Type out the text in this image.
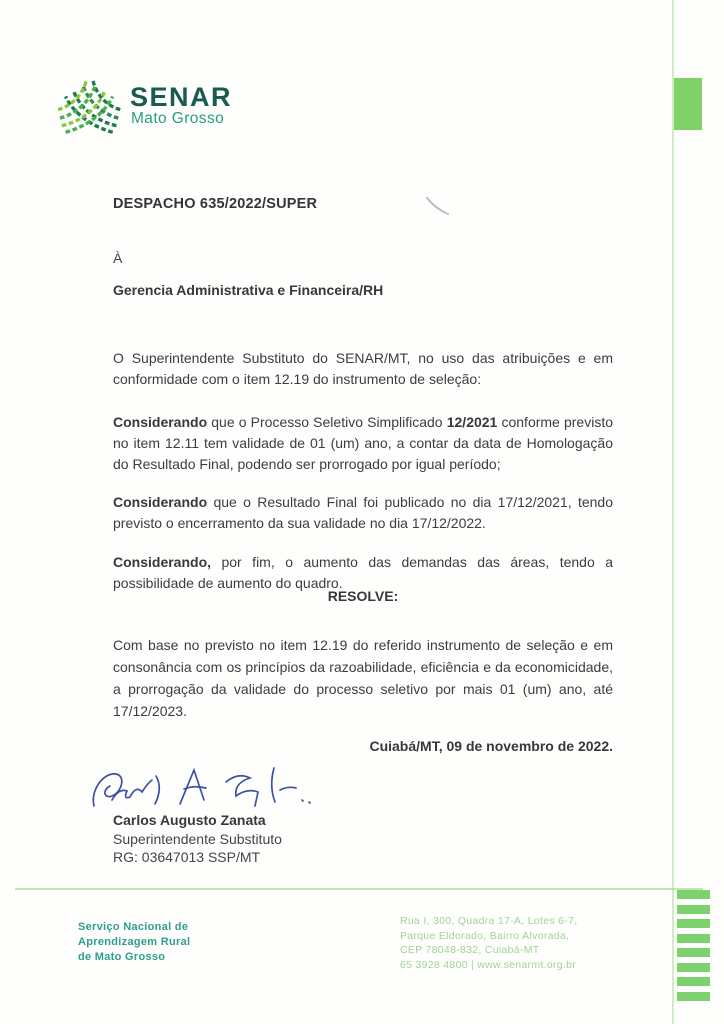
SENAR
Mato Grosso
DESPACHO 635/2022/SUPER
À
Gerencia Administrativa e Financeira/RH

O Superintendente Substituto do SENAR/MT, no uso das atribuições e em conformidade com o item 12.19 do instrumento de seleção:

Considerando que o Processo Seletivo Simplificado 12/2021 conforme previsto no item 12.11 tem validade de 01 (um) ano, a contar da data de Homologação do Resultado Final, podendo ser prorrogado por igual período;

Considerando que o Resultado Final foi publicado no dia 17/12/2021, tendo previsto o encerramento da sua validade no dia 17/12/2022.

Considerando, por fim, o aumento das demandas das áreas, tendo a possibilidade de aumento do quadro.

RESOLVE:

Com base no previsto no item 12.19 do referido instrumento de seleção e em consonância com os princípios da razoabilidade, eficiência e da economicidade, a prorrogação da validade do processo seletivo por mais 01 (um) ano, até 17/12/2023.

Cuiabá/MT, 09 de novembro de 2022.
Carlos Augusto Zanata
Superintendente Substituto
RG: 03647013 SSP/MT
Serviço Nacional de
Aprendizagem Rural
de Mato Grosso
Rua I, 300, Quadra 17-A, Lotes 6-7,
Parque Eldorado, Bairro Alvorada,
CEP 78048-832, Cuiabá-MT
65 3928 4800 | www.senarmt.org.br
